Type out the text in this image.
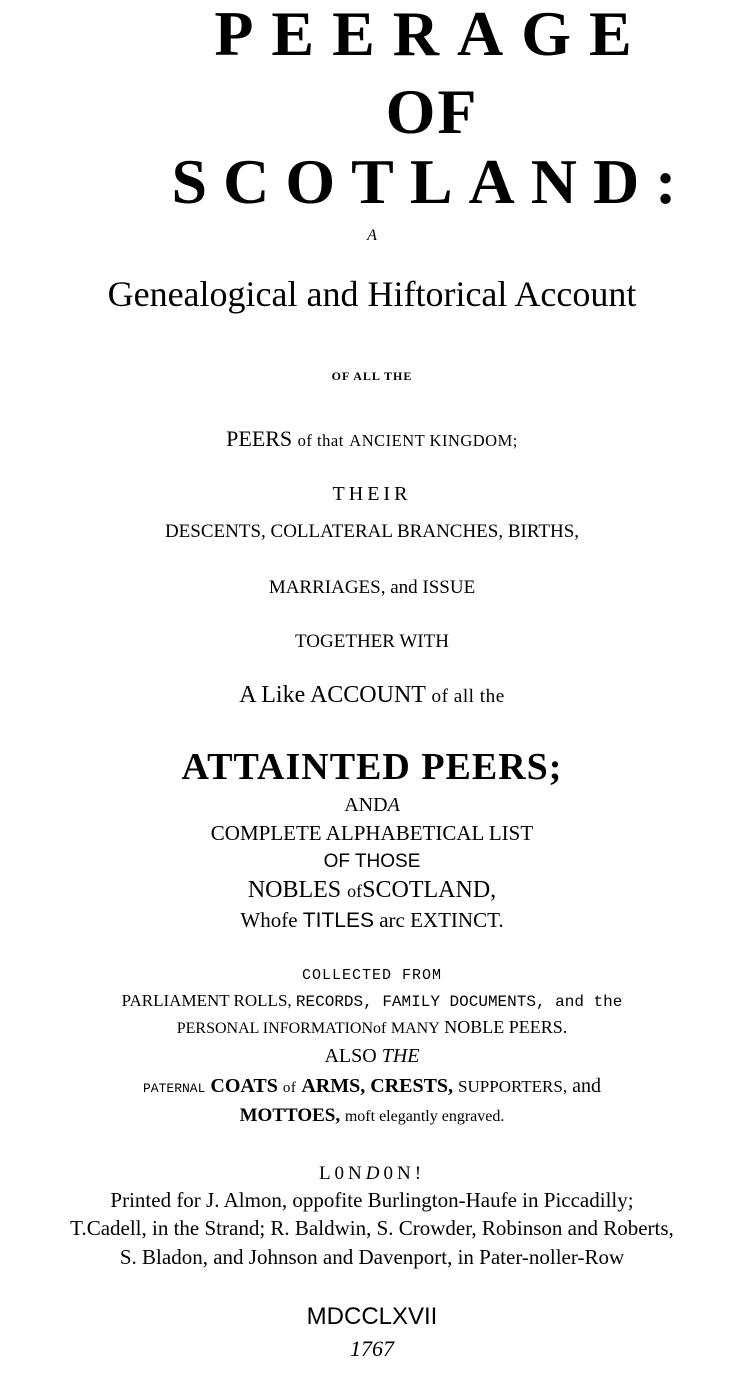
PEERAGE
OF
SCOTLAND:
A
Genealogical and Hiftorical Account
OF ALL THE
PEERS of that ANCIENT KINGDOM;
THEIR
DESCENTS, COLLATERAL BRANCHES, BIRTHS,
MARRIAGES, and ISSUE
TOGETHER WITH
A Like ACCOUNT of all the
ATTAINTED PEERS;
ANDA
COMPLETE ALPHABETICAL LIST
OF THOSE
NOBLES ofSCOTLAND,
Whofe TITLES arc EXTINCT.
COLLECTED FROM
PARLIAMENT ROLLS, RECORDS, FAMILY DOCUMENTS, and the
PERSONAL INFORMATIONof MANY NOBLE PEERS.
ALSO THE
PATERNAL COATS of ARMS, CRESTS, SUPPORTERS, and
MOTTOES, moft elegantly engraved.
L0ND0N!
Printed for J. Almon, oppofite Burlington-Haufe in Piccadilly;
T.Cadell, in the Strand; R. Baldwin, S. Crowder, Robinson and Roberts,
S. Bladon, and Johnson and Davenport, in Pater-noller-Row
MDCCLXVII
1767
